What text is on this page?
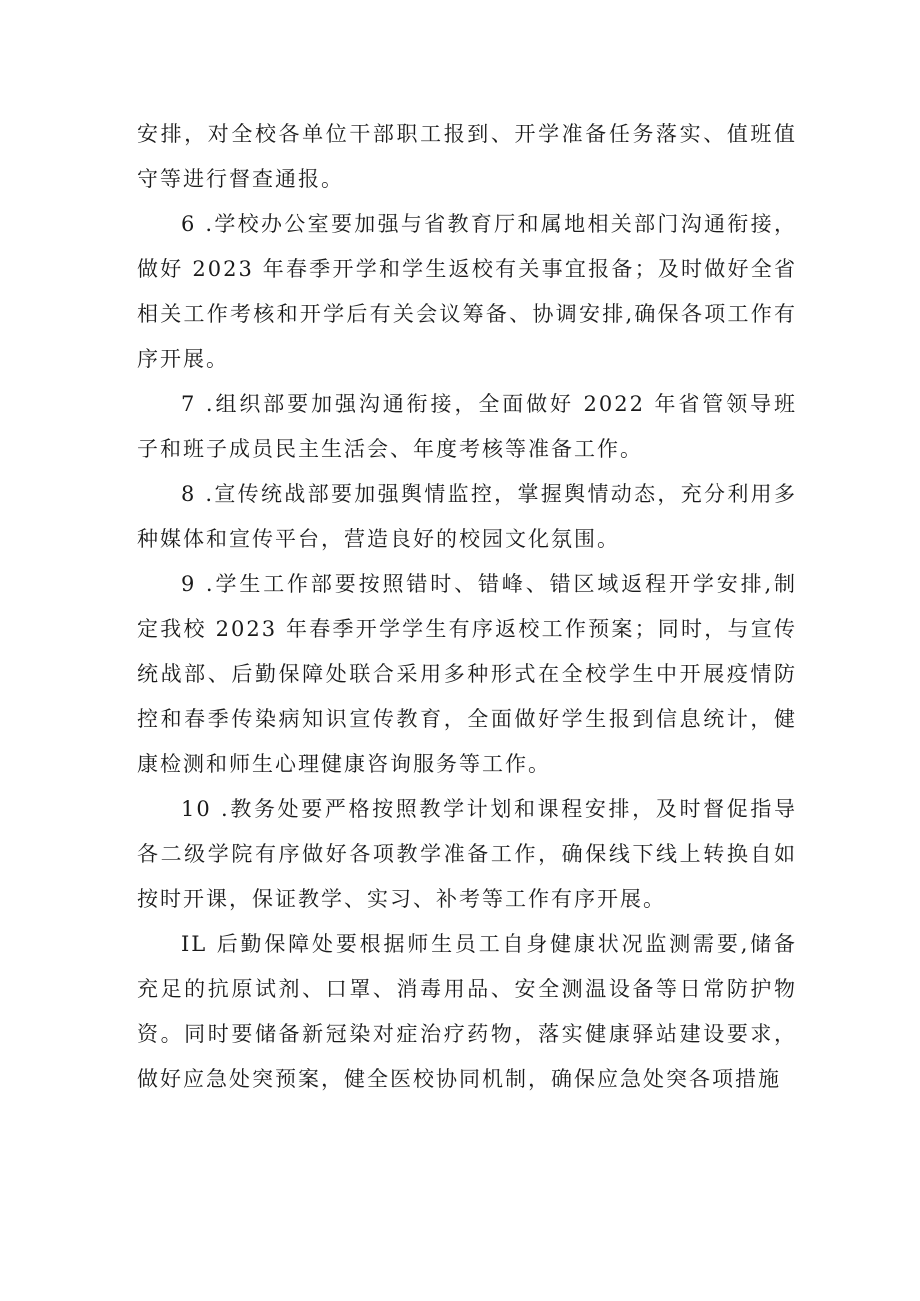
安排，对全校各单位干部职工报到、开学准备任务落实、值班值守等进行督查通报。

6 .学校办公室要加强与省教育厅和属地相关部门沟通衔接，做好 2023 年春季开学和学生返校有关事宜报备；及时做好全省相关工作考核和开学后有关会议筹备、协调安排,确保各项工作有序开展。

7 .组织部要加强沟通衔接，全面做好 2022 年省管领导班子和班子成员民主生活会、年度考核等准备工作。

8 .宣传统战部要加强舆情监控，掌握舆情动态，充分利用多种媒体和宣传平台，营造良好的校园文化氛围。

9 .学生工作部要按照错时、错峰、错区域返程开学安排,制定我校 2023 年春季开学学生有序返校工作预案；同时，与宣传统战部、后勤保障处联合采用多种形式在全校学生中开展疫情防控和春季传染病知识宣传教育，全面做好学生报到信息统计，健康检测和师生心理健康咨询服务等工作。

10 .教务处要严格按照教学计划和课程安排，及时督促指导各二级学院有序做好各项教学准备工作，确保线下线上转换自如按时开课，保证教学、实习、补考等工作有序开展。

IL 后勤保障处要根据师生员工自身健康状况监测需要,储备充足的抗原试剂、口罩、消毒用品、安全测温设备等日常防护物资。同时要储备新冠染对症治疗药物，落实健康驿站建设要求，做好应急处突预案，健全医校协同机制，确保应急处突各项措施
